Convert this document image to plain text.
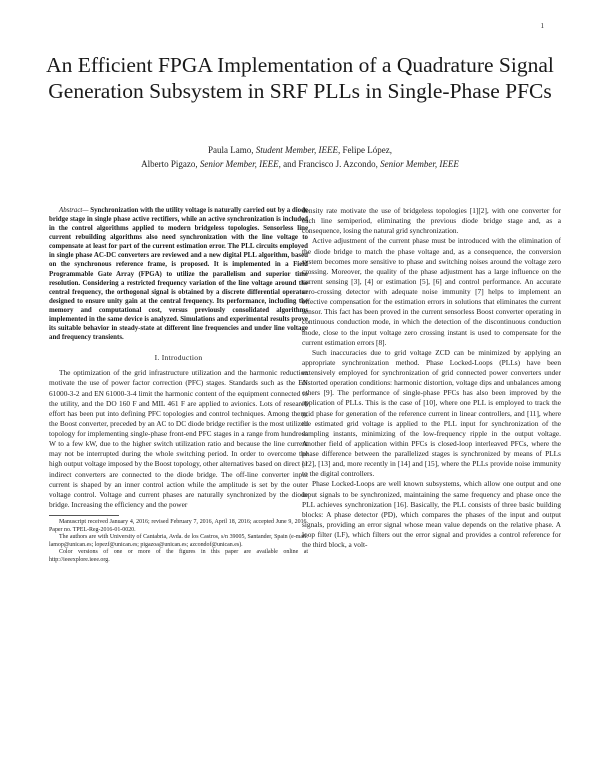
1
An Efficient FPGA Implementation of a Quadrature Signal Generation Subsystem in SRF PLLs in Single-Phase PFCs
Paula Lamo, Student Member, IEEE, Felipe López,
Alberto Pigazo, Senior Member, IEEE, and Francisco J. Azcondo, Senior Member, IEEE

Abstract— Synchronization with the utility voltage is naturally carried out by a diode bridge stage in single phase active rectifiers, while an active synchronization is included in the control algorithms applied to modern bridgeless topologies. Sensorless line current rebuilding algorithms also need synchronization with the line voltage to compensate at least for part of the current estimation error. The PLL circuits employed in single phase AC-DC converters are reviewed and a new digital PLL algorithm, based on the synchronous reference frame, is proposed. It is implemented in a Field Programmable Gate Array (FPGA) to utilize the parallelism and superior time resolution. Considering a restricted frequency variation of the line voltage around the central frequency, the orthogonal signal is obtained by a discrete differential operator designed to ensure unity gain at the central frequency. Its performance, including the memory and computational cost, versus previously consolidated algorithms implemented in the same device is analyzed. Simulations and experimental results prove its suitable behavior in steady-state at different line frequencies and under line voltage and frequency transients.

I. Introduction

The optimization of the grid infrastructure utilization and the harmonic reduction motivate the use of power factor correction (PFC) stages. Standards such as the EN 61000-3-2 and EN 61000-3-4 limit the harmonic content of the equipment connected to the utility, and the DO 160 F and MIL 461 F are applied to avionics. Lots of research effort has been put into defining PFC topologies and control techniques. Among them, the Boost converter, preceded by an AC to DC diode bridge rectifier is the most utilized topology for implementing single-phase front-end PFC stages in a range from hundreds W to a few kW, due to the higher switch utilization ratio and because the line current may not be interrupted during the whole switching period. In order to overcome the high output voltage imposed by the Boost topology, other alternatives based on direct or indirect converters are connected to the diode bridge. The off-line converter input current is shaped by an inner control action while the amplitude is set by the outer voltage control. Voltage and current phases are naturally synchronized by the diode bridge. Increasing the efficiency and the power

Manuscript received January 4, 2016; revised February 7, 2016, April 18, 2016; accepted June 9, 2016. Paper no. TPEL-Reg-2016-01-0020.

The authors are with University of Cantabria, Avda. de los Castros, s/n 39005, Santander, Spain (e-mail: lamop@unican.es; lopezf@unican.es; pigazoa@unican.es; azcondof@unican.es).

Color versions of one or more of the figures in this paper are available online at http://ieeexplore.ieee.org.

density rate motivate the use of bridgeless topologies [1][2], with one converter for each line semiperiod, eliminating the previous diode bridge stage and, as a consequence, losing the natural grid synchronization.

Active adjustment of the current phase must be introduced with the elimination of the diode bridge to match the phase voltage and, as a consequence, the conversion system becomes more sensitive to phase and switching noises around the voltage zero crossing. Moreover, the quality of the phase adjustment has a large influence on the current sensing [3], [4] or estimation [5], [6] and control performance. An accurate zero-crossing detector with adequate noise immunity [7] helps to implement an effective compensation for the estimation errors in solutions that eliminates the current sensor. This fact has been proved in the current sensorless Boost converter operating in continuous conduction mode, in which the detection of the discontinuous conduction mode, close to the input voltage zero crossing instant is used to compensate for the current estimation errors [8].

Such inaccuracies due to grid voltage ZCD can be minimized by applying an appropriate synchronization method. Phase Locked-Loops (PLLs) have been extensively employed for synchronization of grid connected power converters under distorted operation conditions: harmonic distortion, voltage dips and unbalances among others [9]. The performance of single-phase PFCs has also been improved by the application of PLLs. This is the case of [10], where one PLL is employed to track the grid phase for generation of the reference current in linear controllers, and [11], where the estimated grid voltage is applied to the PLL input for synchronization of the sampling instants, minimizing of the low-frequency ripple in the output voltage. Another field of application within PFCs is closed-loop interleaved PFCs, where the phase difference between the parallelized stages is synchronized by means of PLLs [12], [13] and, more recently in [14] and [15], where the PLLs provide noise immunity to the digital controllers.

Phase Locked-Loops are well known subsystems, which allow one output and one input signals to be synchronized, maintaining the same frequency and phase once the PLL achieves synchronization [16]. Basically, the PLL consists of three basic building blocks: A phase detector (PD), which compares the phases of the input and output signals, providing an error signal whose mean value depends on the relative phase. A loop filter (LF), which filters out the error signal and provides a control reference for the third block, a volt-
